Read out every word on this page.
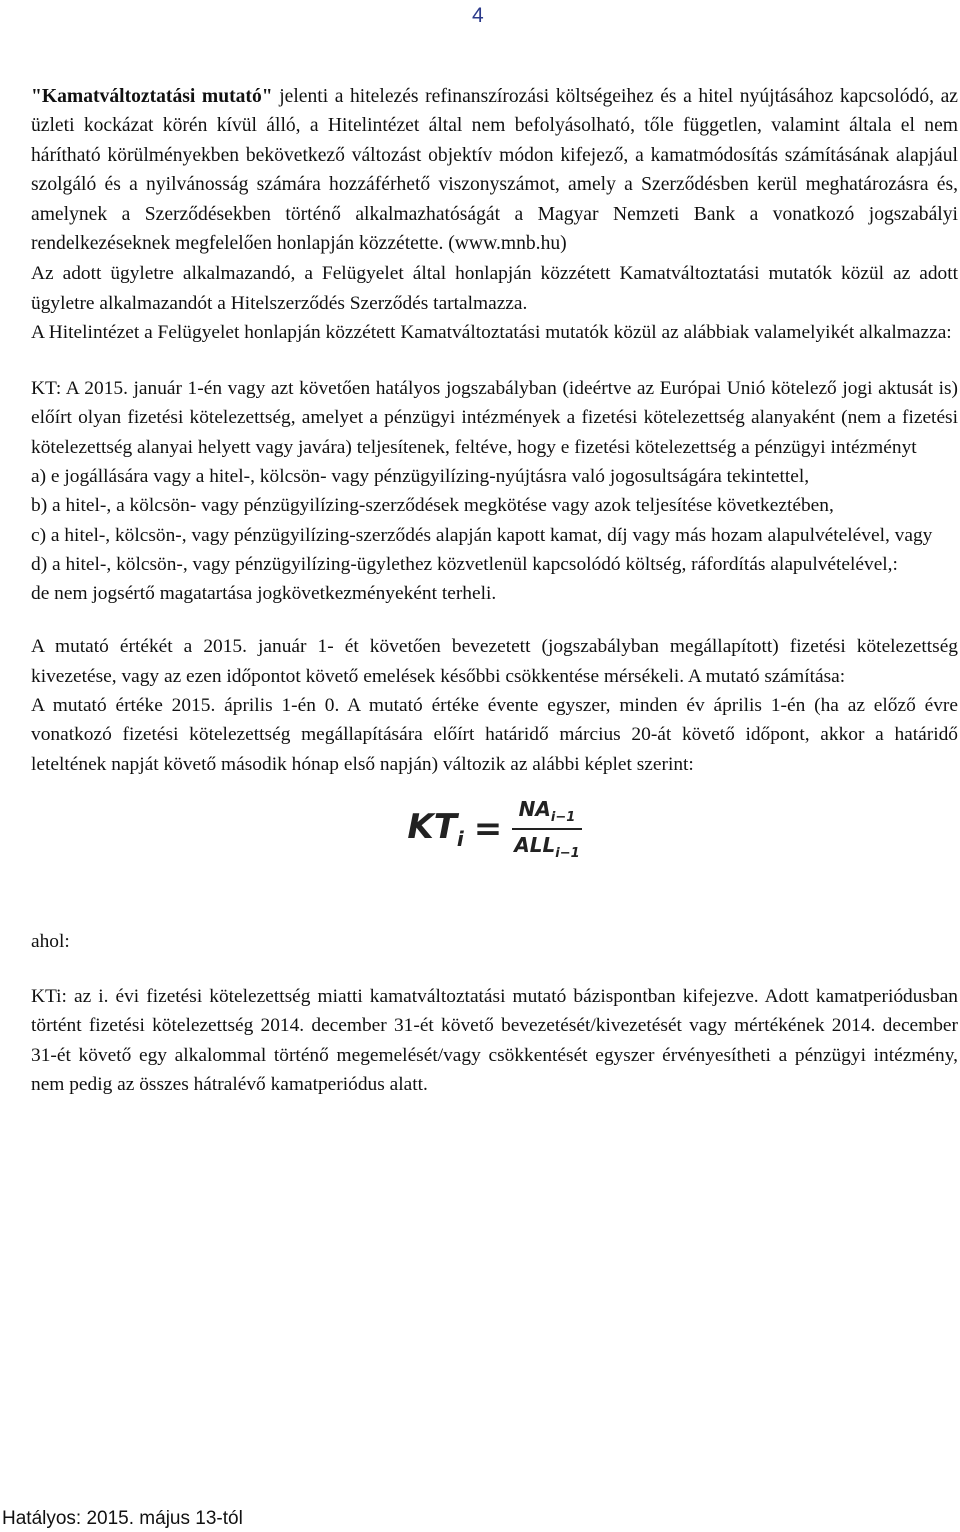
4

"Kamatváltoztatási mutató" jelenti a hitelezés refinanszírozási költségeihez és a hitel nyújtásához kapcsolódó, az üzleti kockázat körén kívül álló, a Hitelintézet által nem befolyásolható, tőle független, valamint általa el nem hárítható körülményekben bekövetkező változást objektív módon kifejező, a kamatmódosítás számításának alapjául szolgáló és a nyilvánosság számára hozzáférhető viszonyszámot, amely a Szerződésben kerül meghatározásra és, amelynek a Szerződésekben történő alkalmazhatóságát a Magyar Nemzeti Bank a vonatkozó jogszabályi rendelkezéseknek megfelelően honlapján közzétette. (www.mnb.hu)

Az adott ügyletre alkalmazandó, a Felügyelet által honlapján közzétett Kamatváltoztatási mutatók közül az adott ügyletre alkalmazandót a Hitelszerződés Szerződés tartalmazza.

A Hitelintézet a Felügyelet honlapján közzétett Kamatváltoztatási mutatók közül az alábbiak valamelyikét alkalmazza:

KT: A 2015. január 1-én vagy azt követően hatályos jogszabályban (ideértve az Európai Unió kötelező jogi aktusát is) előírt olyan fizetési kötelezettség, amelyet a pénzügyi intézmények a fizetési kötelezettség alanyaként (nem a fizetési kötelezettség alanyai helyett vagy javára) teljesítenek, feltéve, hogy e fizetési kötelezettség a pénzügyi intézményt

a) e jogállására vagy a hitel-, kölcsön- vagy pénzügyilízing-nyújtásra való jogosultságára tekintettel,

b) a hitel-, a kölcsön- vagy pénzügyilízing-szerződések megkötése vagy azok teljesítése következtében,

c) a hitel-, kölcsön-, vagy pénzügyilízing-szerződés alapján kapott kamat, díj vagy más hozam alapulvételével, vagy

d) a hitel-, kölcsön-, vagy pénzügyilízing-ügylethez közvetlenül kapcsolódó költség, ráfordítás alapulvételével,:

de nem jogsértő magatartása jogkövetkezményeként terheli.

A mutató értékét a 2015. január 1- ét követően bevezetett (jogszabályban megállapított) fizetési kötelezettség kivezetése, vagy az ezen időpontot követő emelések későbbi csökkentése mérsékeli. A mutató számítása:

A mutató értéke 2015. április 1-én 0. A mutató értéke évente egyszer, minden év április 1-én (ha az előző évre vonatkozó fizetési kötelezettség megállapítására előírt határidő március 20-át követő időpont, akkor a határidő leteltének napját követő második hónap első napján) változik az alábbi képlet szerint:

$KT_i = \frac{NA_{i-1}}{ALL_{i-1}}$

ahol:

KTi: az i. évi fizetési kötelezettség miatti kamatváltoztatási mutató bázispontban kifejezve. Adott kamatperiódusban történt fizetési kötelezettség 2014. december 31-ét követő bevezetését/kivezetését vagy mértékének 2014. december 31-ét követő egy alkalommal történő megemelését/vagy csökkentését egyszer érvényesítheti a pénzügyi intézmény, nem pedig az összes hátralévő kamatperiódus alatt.

Hatályos: 2015. május 13-tól
